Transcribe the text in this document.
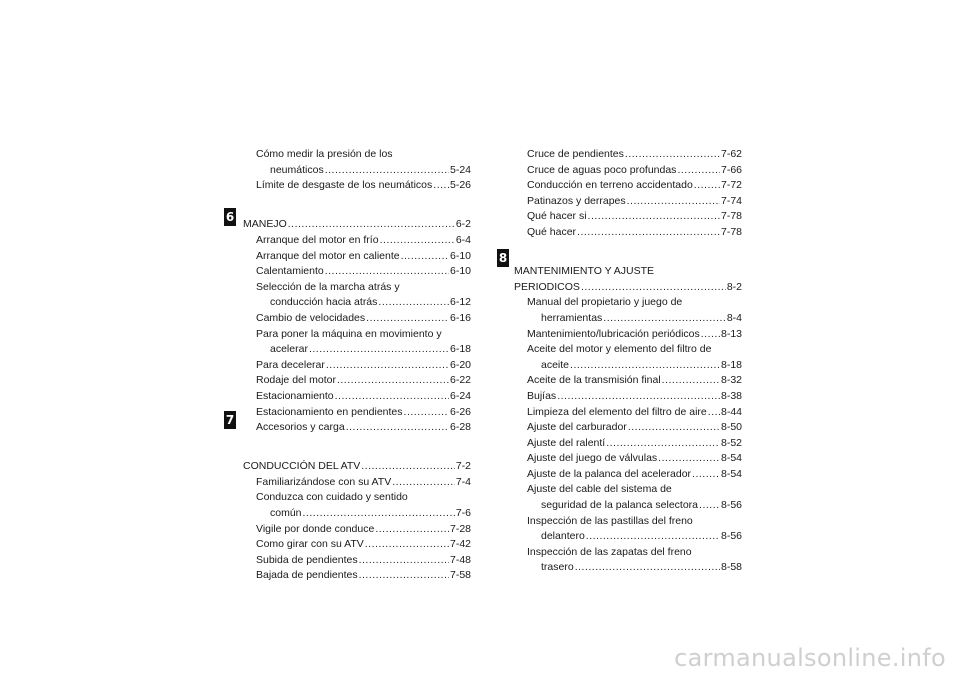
6
7
8
Cómo medir la presión de los
neumáticos .....	5-24
Límite de desgaste de los neumáticos ..... 5-26
MANEJO .....	6-2
Arranque del motor en frío .....	6-4
Arranque del motor en caliente .....	6-10
Calentamiento .....	6-10
Selección de la marcha atrás y
conducción hacia atrás .....	6-12
Cambio de velocidades .....	6-16
Para poner la máquina en movimiento y
acelerar .....	6-18
Para decelerar .....	6-20
Rodaje del motor .....	6-22
Estacionamiento .....	6-24
Estacionamiento en pendientes .....	6-26
Accesorios y carga .....	6-28
CONDUCCIÓN DEL ATV .....	7-2
Familiarizándose con su ATV .....	7-4
Conduzca con cuidado y sentido
común .....	7-6
Vigile por donde conduce .....	7-28
Como girar con su ATV .....	7-42
Subida de pendientes .....	7-48
Bajada de pendientes .....	7-58
Cruce de pendientes .....	7-62
Cruce de aguas poco profundas .....	7-66
Conducción en terreno accidentado .....	7-72
Patinazos y derrapes .....	7-74
Qué hacer si .....	7-78
Qué hacer .....	7-78
MANTENIMIENTO Y AJUSTE
PERIODICOS .....	8-2
Manual del propietario y juego de
herramientas .....	8-4
Mantenimiento/lubricación periódicos ..... 8-13
Aceite del motor y elemento del filtro de
aceite .....	8-18
Aceite de la transmisión final .....	8-32
Bujías .....	8-38
Limpieza del elemento del filtro de aire ..... 8-44
Ajuste del carburador .....	8-50
Ajuste del ralentí .....	8-52
Ajuste del juego de válvulas .....	8-54
Ajuste de la palanca del acelerador .....	8-54
Ajuste del cable del sistema de
seguridad de la palanca selectora ..... 8-56
Inspección de las pastillas del freno
delantero .....	8-56
Inspección de las zapatas del freno
trasero .....	8-58
carmanualsonline.info
